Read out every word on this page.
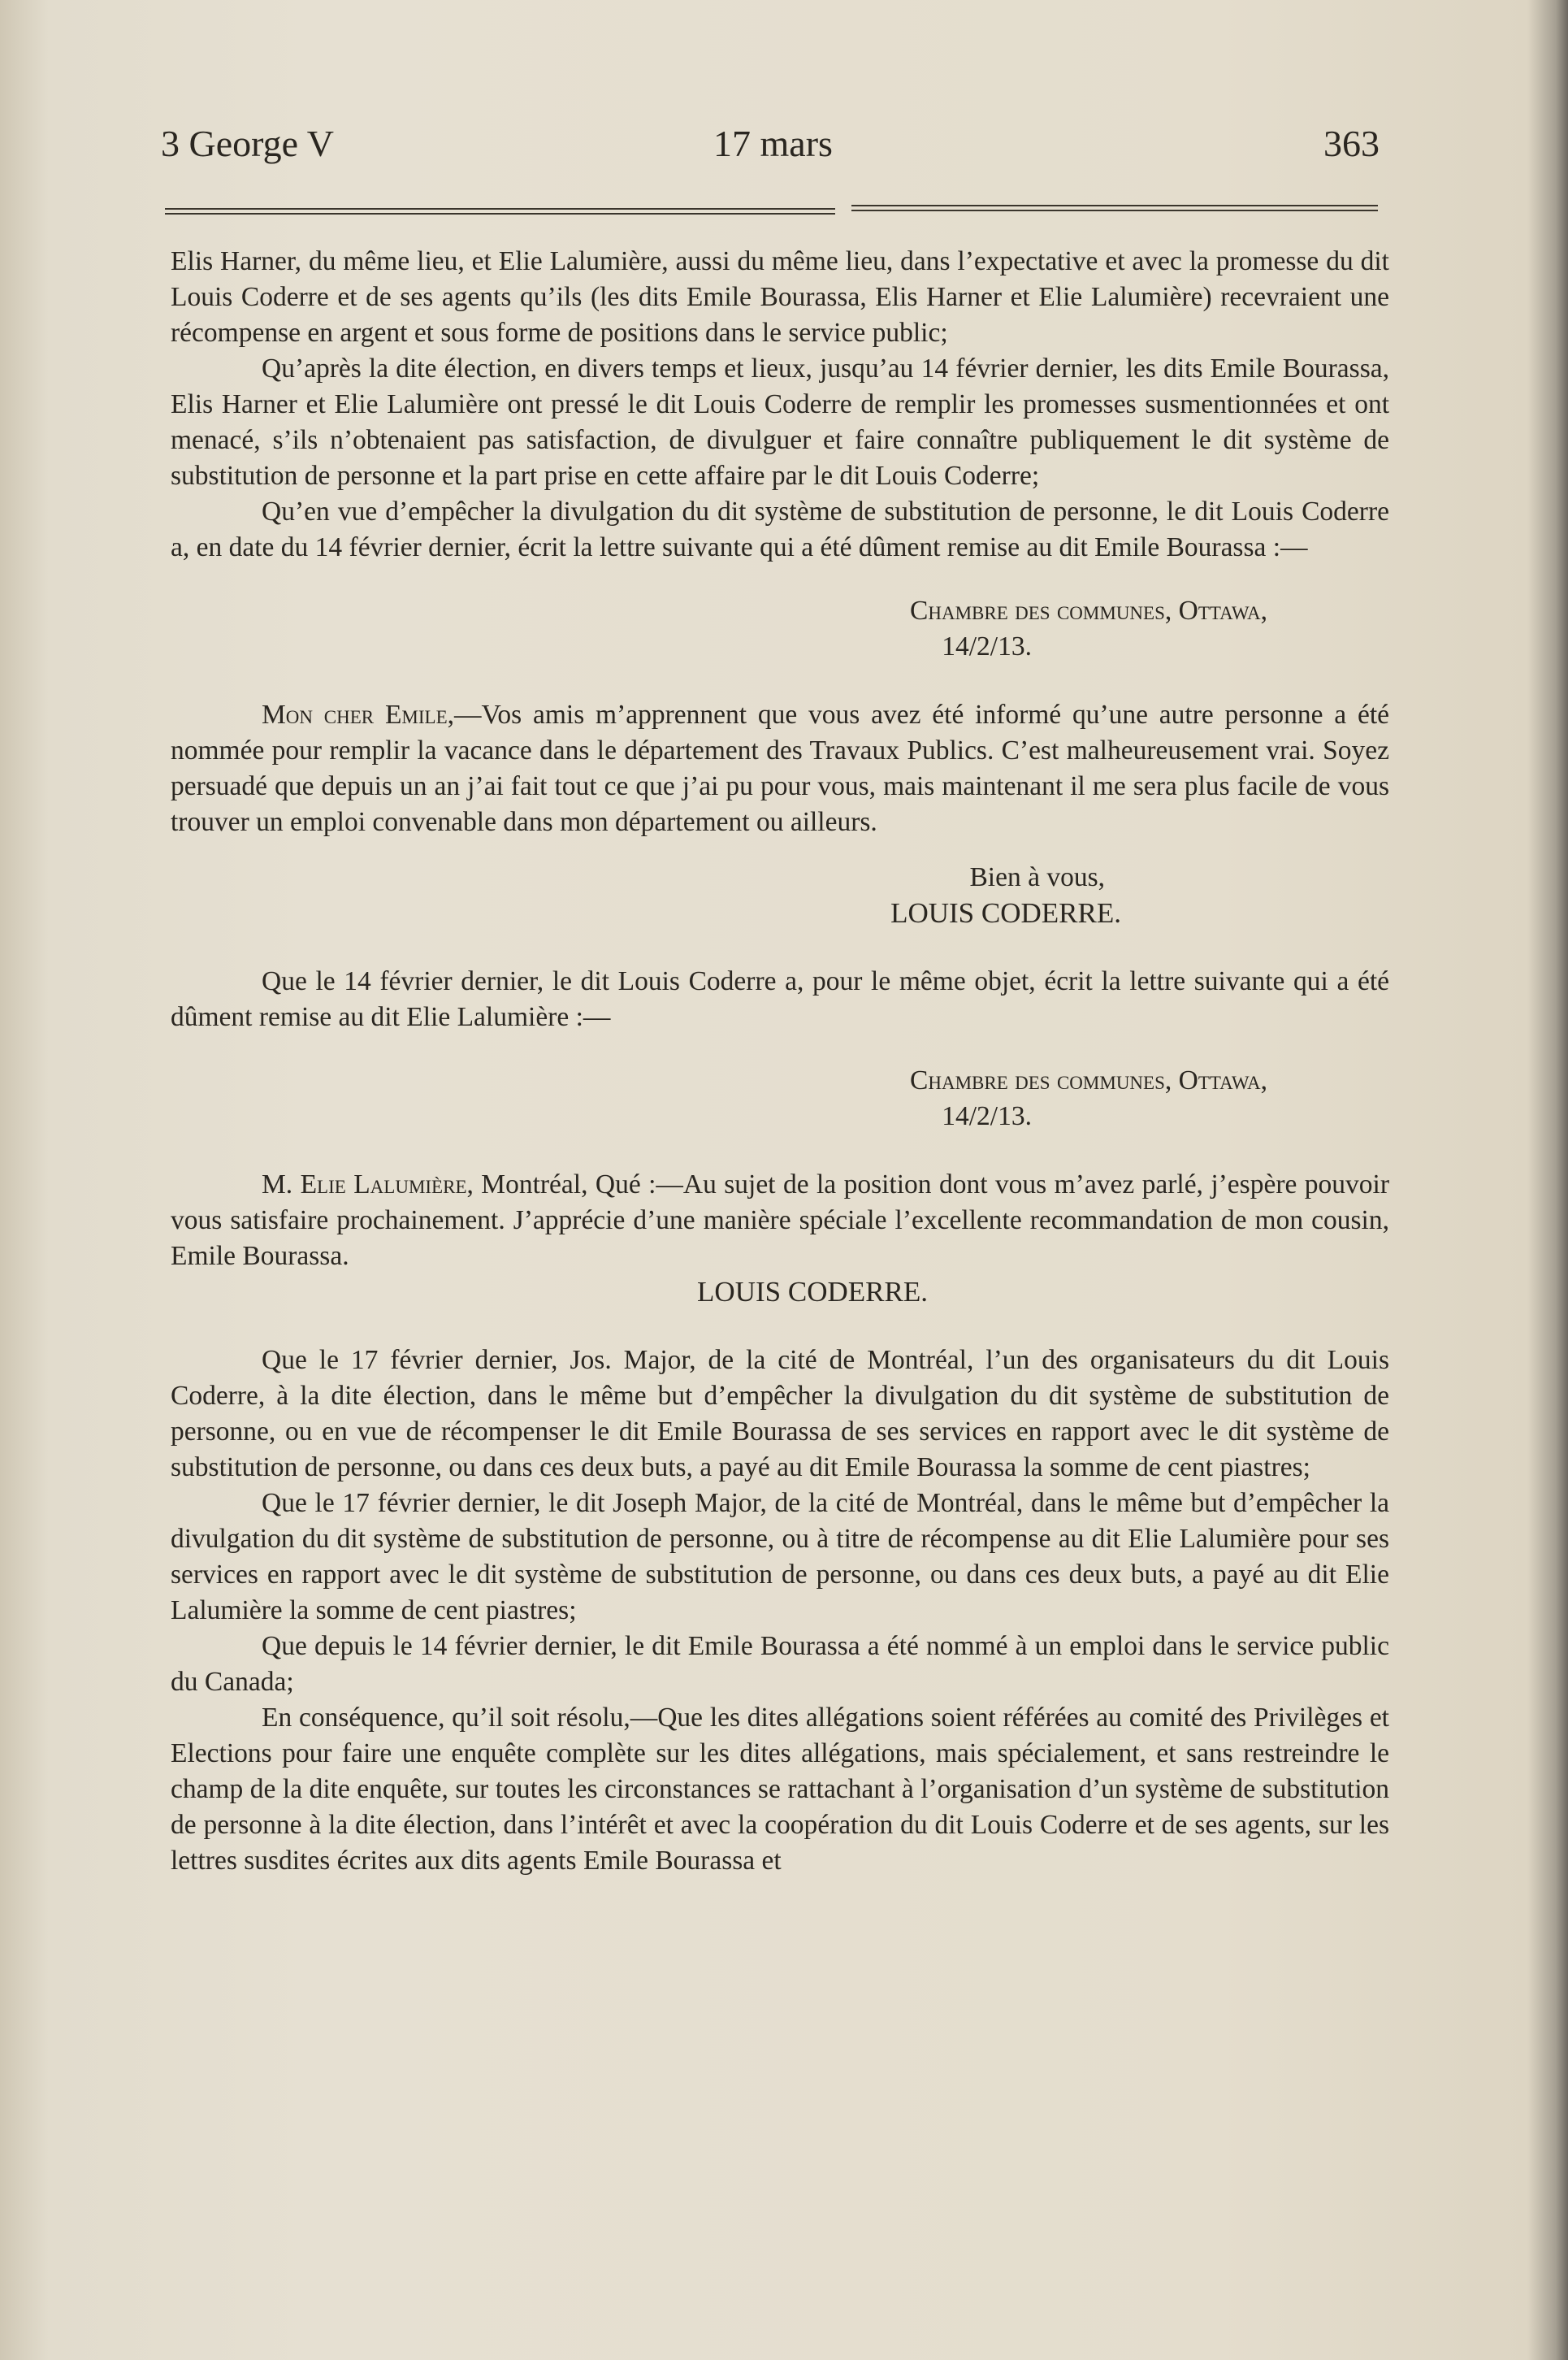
3 George V	17 mars	363

Elis Harner, du même lieu, et Elie Lalumière, aussi du même lieu, dans l’expectative et avec la promesse du dit Louis Coderre et de ses agents qu’ils (les dits Emile Bourassa, Elis Harner et Elie Lalumière) recevraient une récompense en argent et sous forme de positions dans le service public;

Qu’après la dite élection, en divers temps et lieux, jusqu’au 14 février dernier, les dits Emile Bourassa, Elis Harner et Elie Lalumière ont pressé le dit Louis Coderre de remplir les promesses susmentionnées et ont menacé, s’ils n’obtenaient pas satisfaction, de divulguer et faire connaître publiquement le dit système de substitution de personne et la part prise en cette affaire par le dit Louis Coderre;

Qu’en vue d’empêcher la divulgation du dit système de substitution de personne, le dit Louis Coderre a, en date du 14 février dernier, écrit la lettre suivante qui a été dûment remise au dit Emile Bourassa :—

Chambre des communes, Ottawa,
14/2/13.

Mon cher Emile,—Vos amis m’apprennent que vous avez été informé qu’une autre personne a été nommée pour remplir la vacance dans le département des Travaux Publics. C’est malheureusement vrai. Soyez persuadé que depuis un an j’ai fait tout ce que j’ai pu pour vous, mais maintenant il me sera plus facile de vous trouver un emploi convenable dans mon département ou ailleurs.

Bien à vous,

LOUIS CODERRE.

Que le 14 février dernier, le dit Louis Coderre a, pour le même objet, écrit la lettre suivante qui a été dûment remise au dit Elie Lalumière :—

Chambre des communes, Ottawa,
14/2/13.

M. Elie Lalumière, Montréal, Qué :—Au sujet de la position dont vous m’avez parlé, j’espère pouvoir vous satisfaire prochainement. J’apprécie d’une manière spéciale l’excellente recommandation de mon cousin, Emile Bourassa.

LOUIS CODERRE.

Que le 17 février dernier, Jos. Major, de la cité de Montréal, l’un des organisateurs du dit Louis Coderre, à la dite élection, dans le même but d’empêcher la divulgation du dit système de substitution de personne, ou en vue de récompenser le dit Emile Bourassa de ses services en rapport avec le dit système de substitution de personne, ou dans ces deux buts, a payé au dit Emile Bourassa la somme de cent piastres;

Que le 17 février dernier, le dit Joseph Major, de la cité de Montréal, dans le même but d’empêcher la divulgation du dit système de substitution de personne, ou à titre de récompense au dit Elie Lalumière pour ses services en rapport avec le dit système de substitution de personne, ou dans ces deux buts, a payé au dit Elie Lalumière la somme de cent piastres;

Que depuis le 14 février dernier, le dit Emile Bourassa a été nommé à un emploi dans le service public du Canada;

En conséquence, qu’il soit résolu,—Que les dites allégations soient référées au comité des Privilèges et Elections pour faire une enquête complète sur les dites allégations, mais spécialement, et sans restreindre le champ de la dite enquête, sur toutes les circonstances se rattachant à l’organisation d’un système de substitution de personne à la dite élection, dans l’intérêt et avec la coopération du dit Louis Coderre et de ses agents, sur les lettres susdites écrites aux dits agents Emile Bourassa et
